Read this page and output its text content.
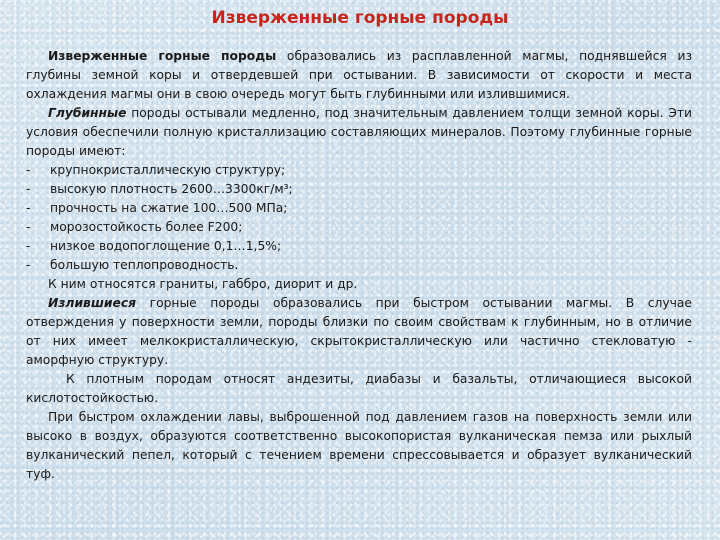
Изверженные горные породы

Изверженные горные породы образовались из расплавленной магмы, поднявшейся из глубины земной коры и отвердевшей при остывании. В зависимости от скорости и места охлаждения магмы они в свою очередь могут быть глубинными или излившимися.

Глубинные породы остывали медленно, под значительным давлением толщи земной коры. Эти условия обеспечили полную кристаллизацию составляющих минералов. Поэтому глубинные горные породы имеют:

- крупнокристаллическую структуру;
- высокую плотность 2600…3300кг/м³;
- прочность на сжатие 100…500 МПа;
- морозостойкость более F200;
- низкое водопоглощение 0,1…1,5%;
- большую теплопроводность.

К ним относятся граниты, габбро, диорит и др.

Излившиеся горные породы образовались при быстром остывании магмы. В случае отверждения у поверхности земли, породы близки по своим свойствам к глубинным, но в отличие от них имеет мелкокристаллическую, скрытокристаллическую или частично стекловатую - аморфную структуру.

К плотным породам относят андезиты, диабазы и базальты, отличающиеся высокой кислотостойкостью.

При быстром охлаждении лавы, выброшенной под давлением газов на поверхность земли или высоко в воздух, образуются соответственно высокопористая вулканическая пемза или рыхлый вулканический пепел, который с течением времени спрессовывается и образует вулканический туф.
